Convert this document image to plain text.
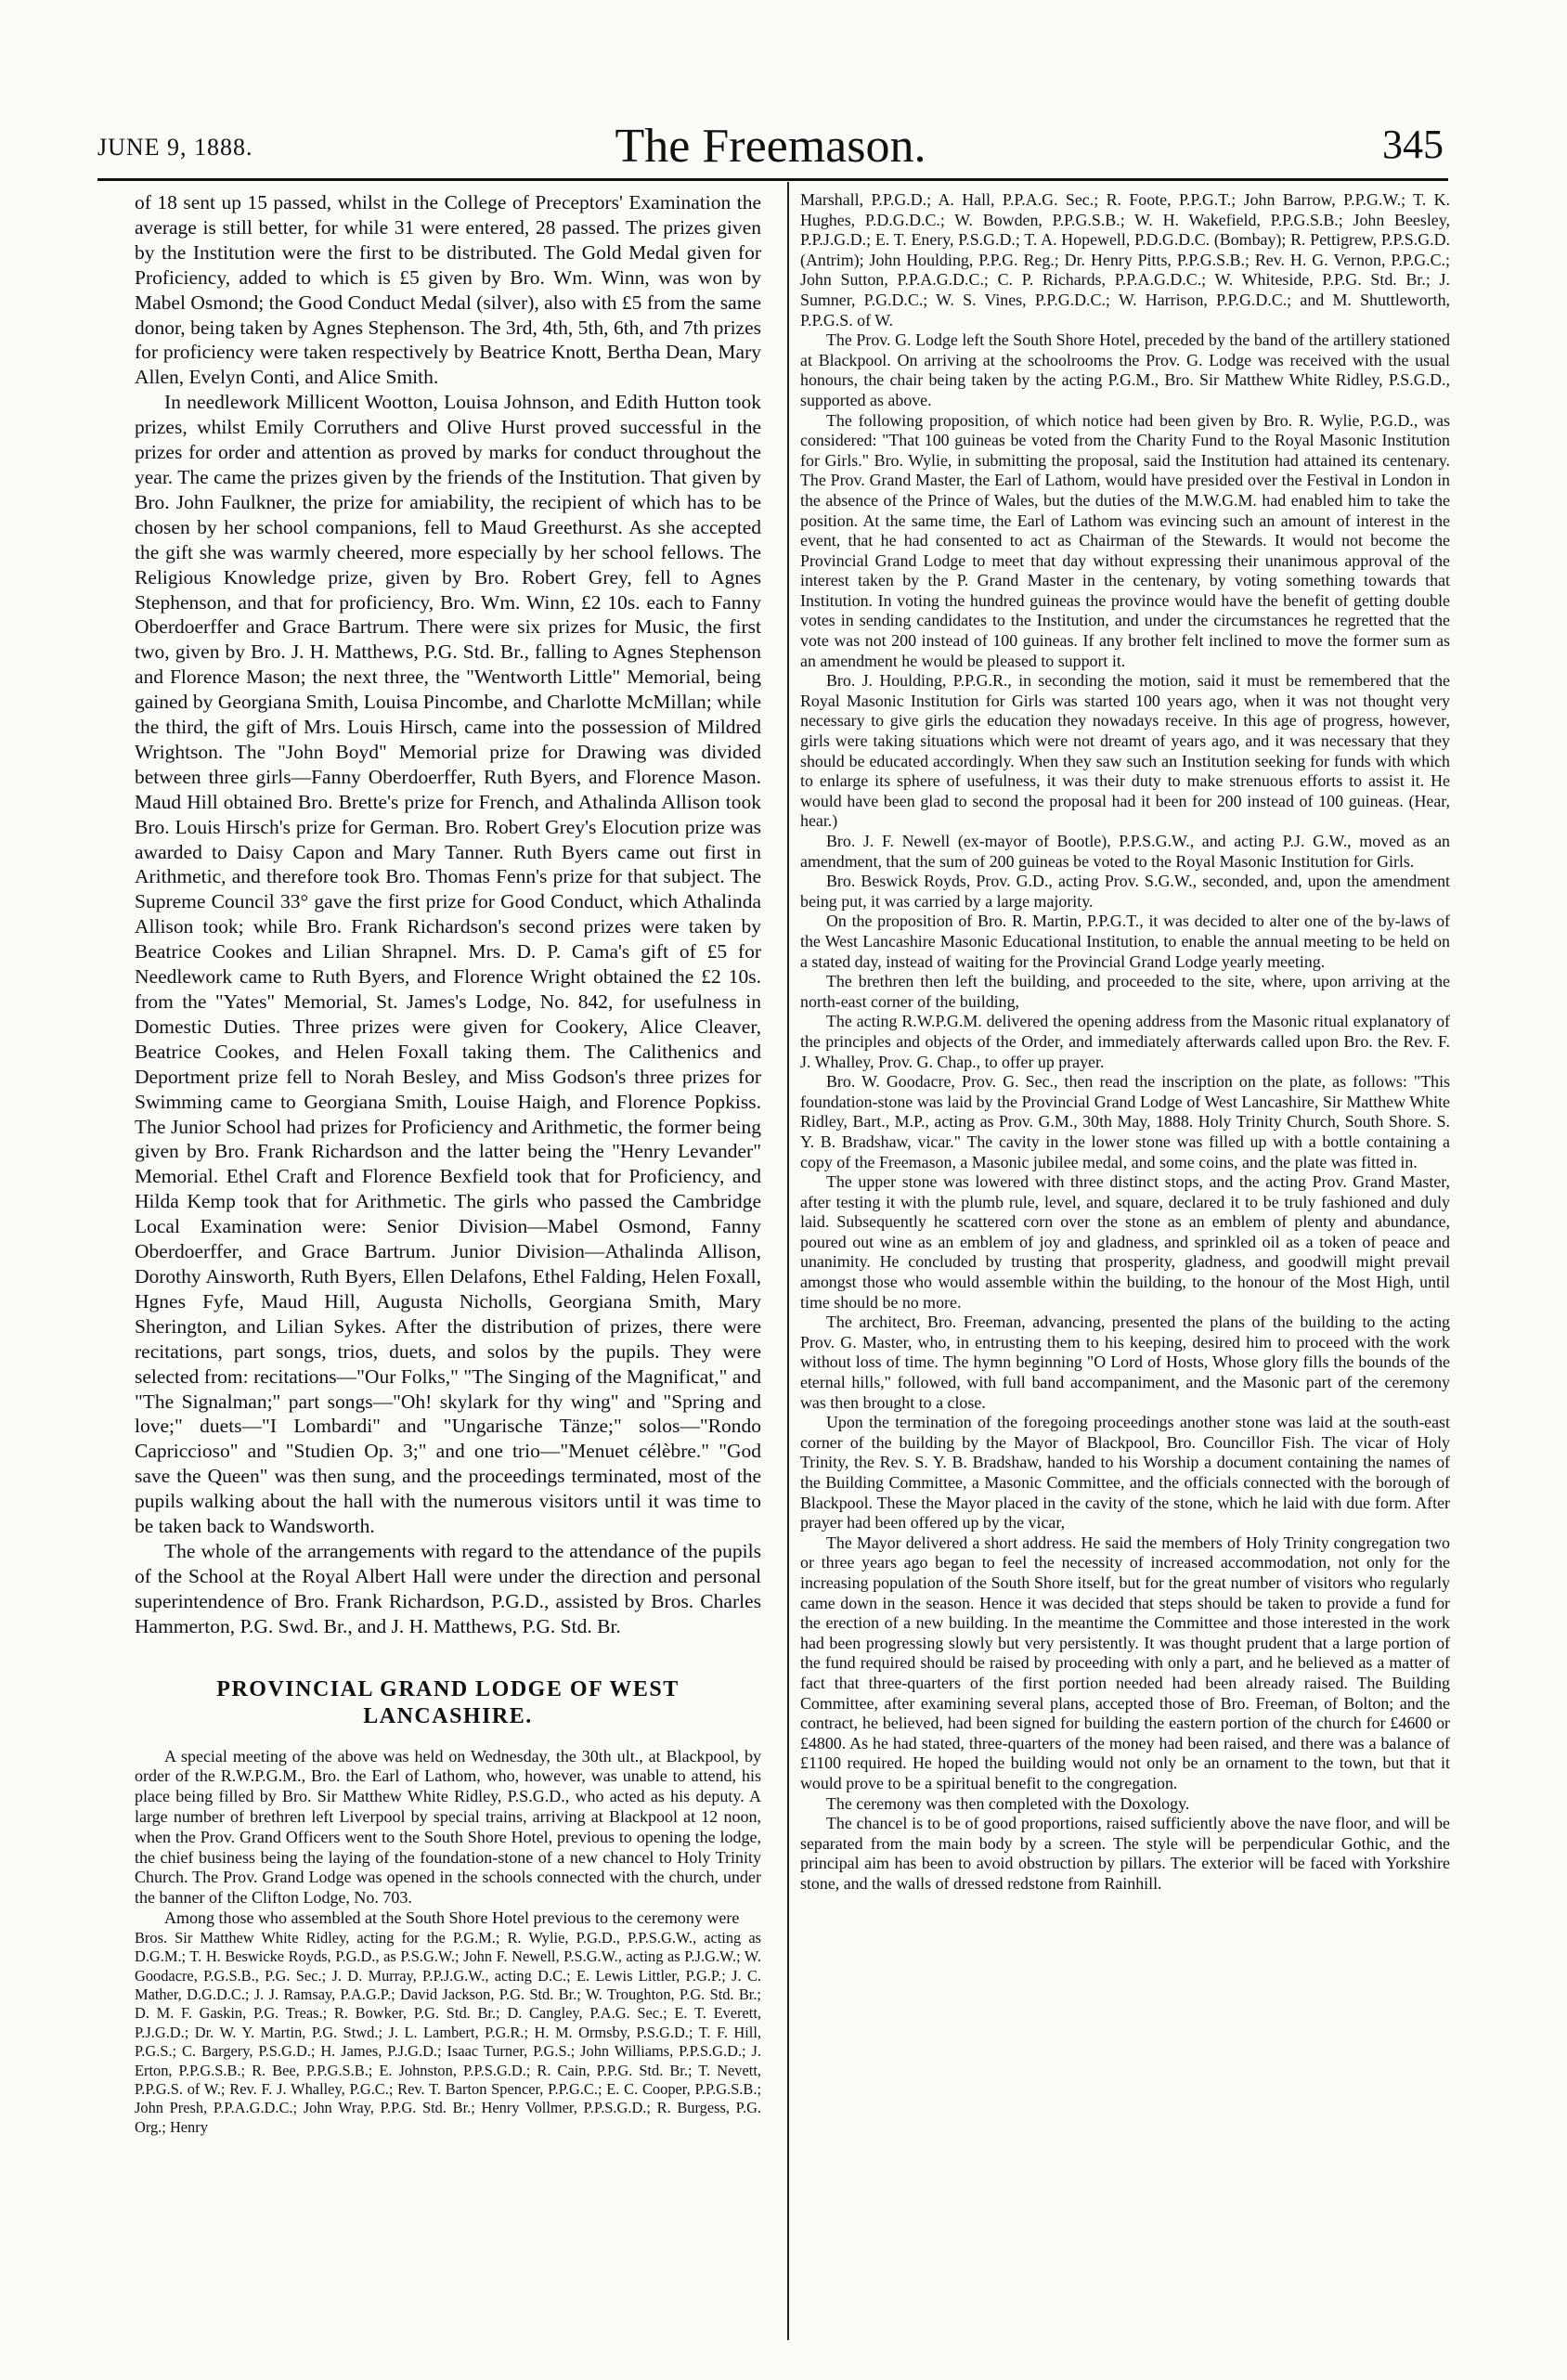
JUNE 9, 1888.	The Freemason.	345

of 18 sent up 15 passed, whilst in the College of Preceptors' Examination the average is still better, for while 31 were entered, 28 passed. The prizes given by the Institution were the first to be distributed. The Gold Medal given for Proficiency, added to which is £5 given by Bro. Wm. Winn, was won by Mabel Osmond; the Good Conduct Medal (silver), also with £5 from the same donor, being taken by Agnes Stephenson. The 3rd, 4th, 5th, 6th, and 7th prizes for proficiency were taken respectively by Beatrice Knott, Bertha Dean, Mary Allen, Evelyn Conti, and Alice Smith.

In needlework Millicent Wootton, Louisa Johnson, and Edith Hutton took prizes, whilst Emily Corruthers and Olive Hurst proved successful in the prizes for order and attention as proved by marks for conduct throughout the year. The came the prizes given by the friends of the Institution. That given by Bro. John Faulkner, the prize for amiability, the recipient of which has to be chosen by her school companions, fell to Maud Greethurst. As she accepted the gift she was warmly cheered, more especially by her school fellows. The Religious Knowledge prize, given by Bro. Robert Grey, fell to Agnes Stephenson, and that for proficiency, Bro. Wm. Winn, £2 10s. each to Fanny Oberdoerffer and Grace Bartrum. There were six prizes for Music, the first two, given by Bro. J. H. Matthews, P.G. Std. Br., falling to Agnes Stephenson and Florence Mason; the next three, the "Wentworth Little" Memorial, being gained by Georgiana Smith, Louisa Pincombe, and Charlotte McMillan; while the third, the gift of Mrs. Louis Hirsch, came into the possession of Mildred Wrightson. The "John Boyd" Memorial prize for Drawing was divided between three girls—Fanny Oberdoerffer, Ruth Byers, and Florence Mason. Maud Hill obtained Bro. Brette's prize for French, and Athalinda Allison took Bro. Louis Hirsch's prize for German. Bro. Robert Grey's Elocution prize was awarded to Daisy Capon and Mary Tanner. Ruth Byers came out first in Arithmetic, and therefore took Bro. Thomas Fenn's prize for that subject. The Supreme Council 33° gave the first prize for Good Conduct, which Athalinda Allison took; while Bro. Frank Richardson's second prizes were taken by Beatrice Cookes and Lilian Shrapnel. Mrs. D. P. Cama's gift of £5 for Needlework came to Ruth Byers, and Florence Wright obtained the £2 10s. from the "Yates" Memorial, St. James's Lodge, No. 842, for usefulness in Domestic Duties. Three prizes were given for Cookery, Alice Cleaver, Beatrice Cookes, and Helen Foxall taking them. The Calithenics and Deportment prize fell to Norah Besley, and Miss Godson's three prizes for Swimming came to Georgiana Smith, Louise Haigh, and Florence Popkiss. The Junior School had prizes for Proficiency and Arithmetic, the former being given by Bro. Frank Richardson and the latter being the "Henry Levander" Memorial. Ethel Craft and Florence Bexfield took that for Proficiency, and Hilda Kemp took that for Arithmetic. The girls who passed the Cambridge Local Examination were: Senior Division—Mabel Osmond, Fanny Oberdoerffer, and Grace Bartrum. Junior Division—Athalinda Allison, Dorothy Ainsworth, Ruth Byers, Ellen Delafons, Ethel Falding, Helen Foxall, Hgnes Fyfe, Maud Hill, Augusta Nicholls, Georgiana Smith, Mary Sherington, and Lilian Sykes. After the distribution of prizes, there were recitations, part songs, trios, duets, and solos by the pupils. They were selected from: recitations—"Our Folks," "The Singing of the Magnificat," and "The Signalman;" part songs—"Oh! skylark for thy wing" and "Spring and love;" duets—"I Lombardi" and "Ungarische Tänze;" solos—"Rondo Capriccioso" and "Studien Op. 3;" and one trio—"Menuet célèbre." "God save the Queen" was then sung, and the proceedings terminated, most of the pupils walking about the hall with the numerous visitors until it was time to be taken back to Wandsworth.

The whole of the arrangements with regard to the attendance of the pupils of the School at the Royal Albert Hall were under the direction and personal superintendence of Bro. Frank Richardson, P.G.D., assisted by Bros. Charles Hammerton, P.G. Swd. Br., and J. H. Matthews, P.G. Std. Br.

PROVINCIAL GRAND LODGE OF WEST LANCASHIRE.

A special meeting of the above was held on Wednesday, the 30th ult., at Blackpool, by order of the R.W.P.G.M., Bro. the Earl of Lathom, who, however, was unable to attend, his place being filled by Bro. Sir Matthew White Ridley, P.S.G.D., who acted as his deputy. A large number of brethren left Liverpool by special trains, arriving at Blackpool at 12 noon, when the Prov. Grand Officers went to the South Shore Hotel, previous to opening the lodge, the chief business being the laying of the foundation-stone of a new chancel to Holy Trinity Church. The Prov. Grand Lodge was opened in the schools connected with the church, under the banner of the Clifton Lodge, No. 703.

Among those who assembled at the South Shore Hotel previous to the ceremony were

Bros. Sir Matthew White Ridley, acting for the P.G.M.; R. Wylie, P.G.D., P.P.S.G.W., acting as D.G.M.; T. H. Beswicke Royds, P.G.D., as P.S.G.W.; John F. Newell, P.S.G.W., acting as P.J.G.W.; W. Goodacre, P.G.S.B., P.G. Sec.; J. D. Murray, P.P.J.G.W., acting D.C.; E. Lewis Littler, P.G.P.; J. C. Mather, D.G.D.C.; J. J. Ramsay, P.A.G.P.; David Jackson, P.G. Std. Br.; W. Troughton, P.G. Std. Br.; D. M. F. Gaskin, P.G. Treas.; R. Bowker, P.G. Std. Br.; D. Cangley, P.A.G. Sec.; E. T. Everett, P.J.G.D.; Dr. W. Y. Martin, P.G. Stwd.; J. L. Lambert, P.G.R.; H. M. Ormsby, P.S.G.D.; T. F. Hill, P.G.S.; C. Bargery, P.S.G.D.; H. James, P.J.G.D.; Isaac Turner, P.G.S.; John Williams, P.P.S.G.D.; J. Erton, P.P.G.S.B.; R. Bee, P.P.G.S.B.; E. Johnston, P.P.S.G.D.; R. Cain, P.P.G. Std. Br.; T. Nevett, P.P.G.S. of W.; Rev. F. J. Whalley, P.G.C.; Rev. T. Barton Spencer, P.P.G.C.; E. C. Cooper, P.P.G.S.B.; John Presh, P.P.A.G.D.C.; John Wray, P.P.G. Std. Br.; Henry Vollmer, P.P.S.G.D.; R. Burgess, P.G. Org.; Henry

Marshall, P.P.G.D.; A. Hall, P.P.A.G. Sec.; R. Foote, P.P.G.T.; John Barrow, P.P.G.W.; T. K. Hughes, P.D.G.D.C.; W. Bowden, P.P.G.S.B.; W. H. Wakefield, P.P.G.S.B.; John Beesley, P.P.J.G.D.; E. T. Enery, P.S.G.D.; T. A. Hopewell, P.D.G.D.C. (Bombay); R. Pettigrew, P.P.S.G.D. (Antrim); John Houlding, P.P.G. Reg.; Dr. Henry Pitts, P.P.G.S.B.; Rev. H. G. Vernon, P.P.G.C.; John Sutton, P.P.A.G.D.C.; C. P. Richards, P.P.A.G.D.C.; W. Whiteside, P.P.G. Std. Br.; J. Sumner, P.G.D.C.; W. S. Vines, P.P.G.D.C.; W. Harrison, P.P.G.D.C.; and M. Shuttleworth, P.P.G.S. of W.

The Prov. G. Lodge left the South Shore Hotel, preceded by the band of the artillery stationed at Blackpool. On arriving at the schoolrooms the Prov. G. Lodge was received with the usual honours, the chair being taken by the acting P.G.M., Bro. Sir Matthew White Ridley, P.S.G.D., supported as above.

The following proposition, of which notice had been given by Bro. R. Wylie, P.G.D., was considered: "That 100 guineas be voted from the Charity Fund to the Royal Masonic Institution for Girls." Bro. Wylie, in submitting the proposal, said the Institution had attained its centenary. The Prov. Grand Master, the Earl of Lathom, would have presided over the Festival in London in the absence of the Prince of Wales, but the duties of the M.W.G.M. had enabled him to take the position. At the same time, the Earl of Lathom was evincing such an amount of interest in the event, that he had consented to act as Chairman of the Stewards. It would not become the Provincial Grand Lodge to meet that day without expressing their unanimous approval of the interest taken by the P. Grand Master in the centenary, by voting something towards that Institution. In voting the hundred guineas the province would have the benefit of getting double votes in sending candidates to the Institution, and under the circumstances he regretted that the vote was not 200 instead of 100 guineas. If any brother felt inclined to move the former sum as an amendment he would be pleased to support it.

Bro. J. Houlding, P.P.G.R., in seconding the motion, said it must be remembered that the Royal Masonic Institution for Girls was started 100 years ago, when it was not thought very necessary to give girls the education they nowadays receive. In this age of progress, however, girls were taking situations which were not dreamt of years ago, and it was necessary that they should be educated accordingly. When they saw such an Institution seeking for funds with which to enlarge its sphere of usefulness, it was their duty to make strenuous efforts to assist it. He would have been glad to second the proposal had it been for 200 instead of 100 guineas. (Hear, hear.)

Bro. J. F. Newell (ex-mayor of Bootle), P.P.S.G.W., and acting P.J. G.W., moved as an amendment, that the sum of 200 guineas be voted to the Royal Masonic Institution for Girls.

Bro. Beswick Royds, Prov. G.D., acting Prov. S.G.W., seconded, and, upon the amendment being put, it was carried by a large majority.

On the proposition of Bro. R. Martin, P.P.G.T., it was decided to alter one of the by-laws of the West Lancashire Masonic Educational Institution, to enable the annual meeting to be held on a stated day, instead of waiting for the Provincial Grand Lodge yearly meeting.

The brethren then left the building, and proceeded to the site, where, upon arriving at the north-east corner of the building,

The acting R.W.P.G.M. delivered the opening address from the Masonic ritual explanatory of the principles and objects of the Order, and immediately afterwards called upon Bro. the Rev. F. J. Whalley, Prov. G. Chap., to offer up prayer.

Bro. W. Goodacre, Prov. G. Sec., then read the inscription on the plate, as follows: "This foundation-stone was laid by the Provincial Grand Lodge of West Lancashire, Sir Matthew White Ridley, Bart., M.P., acting as Prov. G.M., 30th May, 1888. Holy Trinity Church, South Shore. S. Y. B. Bradshaw, vicar." The cavity in the lower stone was filled up with a bottle containing a copy of the Freemason, a Masonic jubilee medal, and some coins, and the plate was fitted in.

The upper stone was lowered with three distinct stops, and the acting Prov. Grand Master, after testing it with the plumb rule, level, and square, declared it to be truly fashioned and duly laid. Subsequently he scattered corn over the stone as an emblem of plenty and abundance, poured out wine as an emblem of joy and gladness, and sprinkled oil as a token of peace and unanimity. He concluded by trusting that prosperity, gladness, and goodwill might prevail amongst those who would assemble within the building, to the honour of the Most High, until time should be no more.

The architect, Bro. Freeman, advancing, presented the plans of the building to the acting Prov. G. Master, who, in entrusting them to his keeping, desired him to proceed with the work without loss of time. The hymn beginning "O Lord of Hosts, Whose glory fills the bounds of the eternal hills," followed, with full band accompaniment, and the Masonic part of the ceremony was then brought to a close.

Upon the termination of the foregoing proceedings another stone was laid at the south-east corner of the building by the Mayor of Blackpool, Bro. Councillor Fish. The vicar of Holy Trinity, the Rev. S. Y. B. Bradshaw, handed to his Worship a document containing the names of the Building Committee, a Masonic Committee, and the officials connected with the borough of Blackpool. These the Mayor placed in the cavity of the stone, which he laid with due form. After prayer had been offered up by the vicar,

The Mayor delivered a short address. He said the members of Holy Trinity congregation two or three years ago began to feel the necessity of increased accommodation, not only for the increasing population of the South Shore itself, but for the great number of visitors who regularly came down in the season. Hence it was decided that steps should be taken to provide a fund for the erection of a new building. In the meantime the Committee and those interested in the work had been progressing slowly but very persistently. It was thought prudent that a large portion of the fund required should be raised by proceeding with only a part, and he believed as a matter of fact that three-quarters of the first portion needed had been already raised. The Building Committee, after examining several plans, accepted those of Bro. Freeman, of Bolton; and the contract, he believed, had been signed for building the eastern portion of the church for £4600 or £4800. As he had stated, three-quarters of the money had been raised, and there was a balance of £1100 required. He hoped the building would not only be an ornament to the town, but that it would prove to be a spiritual benefit to the congregation.

The ceremony was then completed with the Doxology.

The chancel is to be of good proportions, raised sufficiently above the nave floor, and will be separated from the main body by a screen. The style will be perpendicular Gothic, and the principal aim has been to avoid obstruction by pillars. The exterior will be faced with Yorkshire stone, and the walls of dressed redstone from Rainhill.
